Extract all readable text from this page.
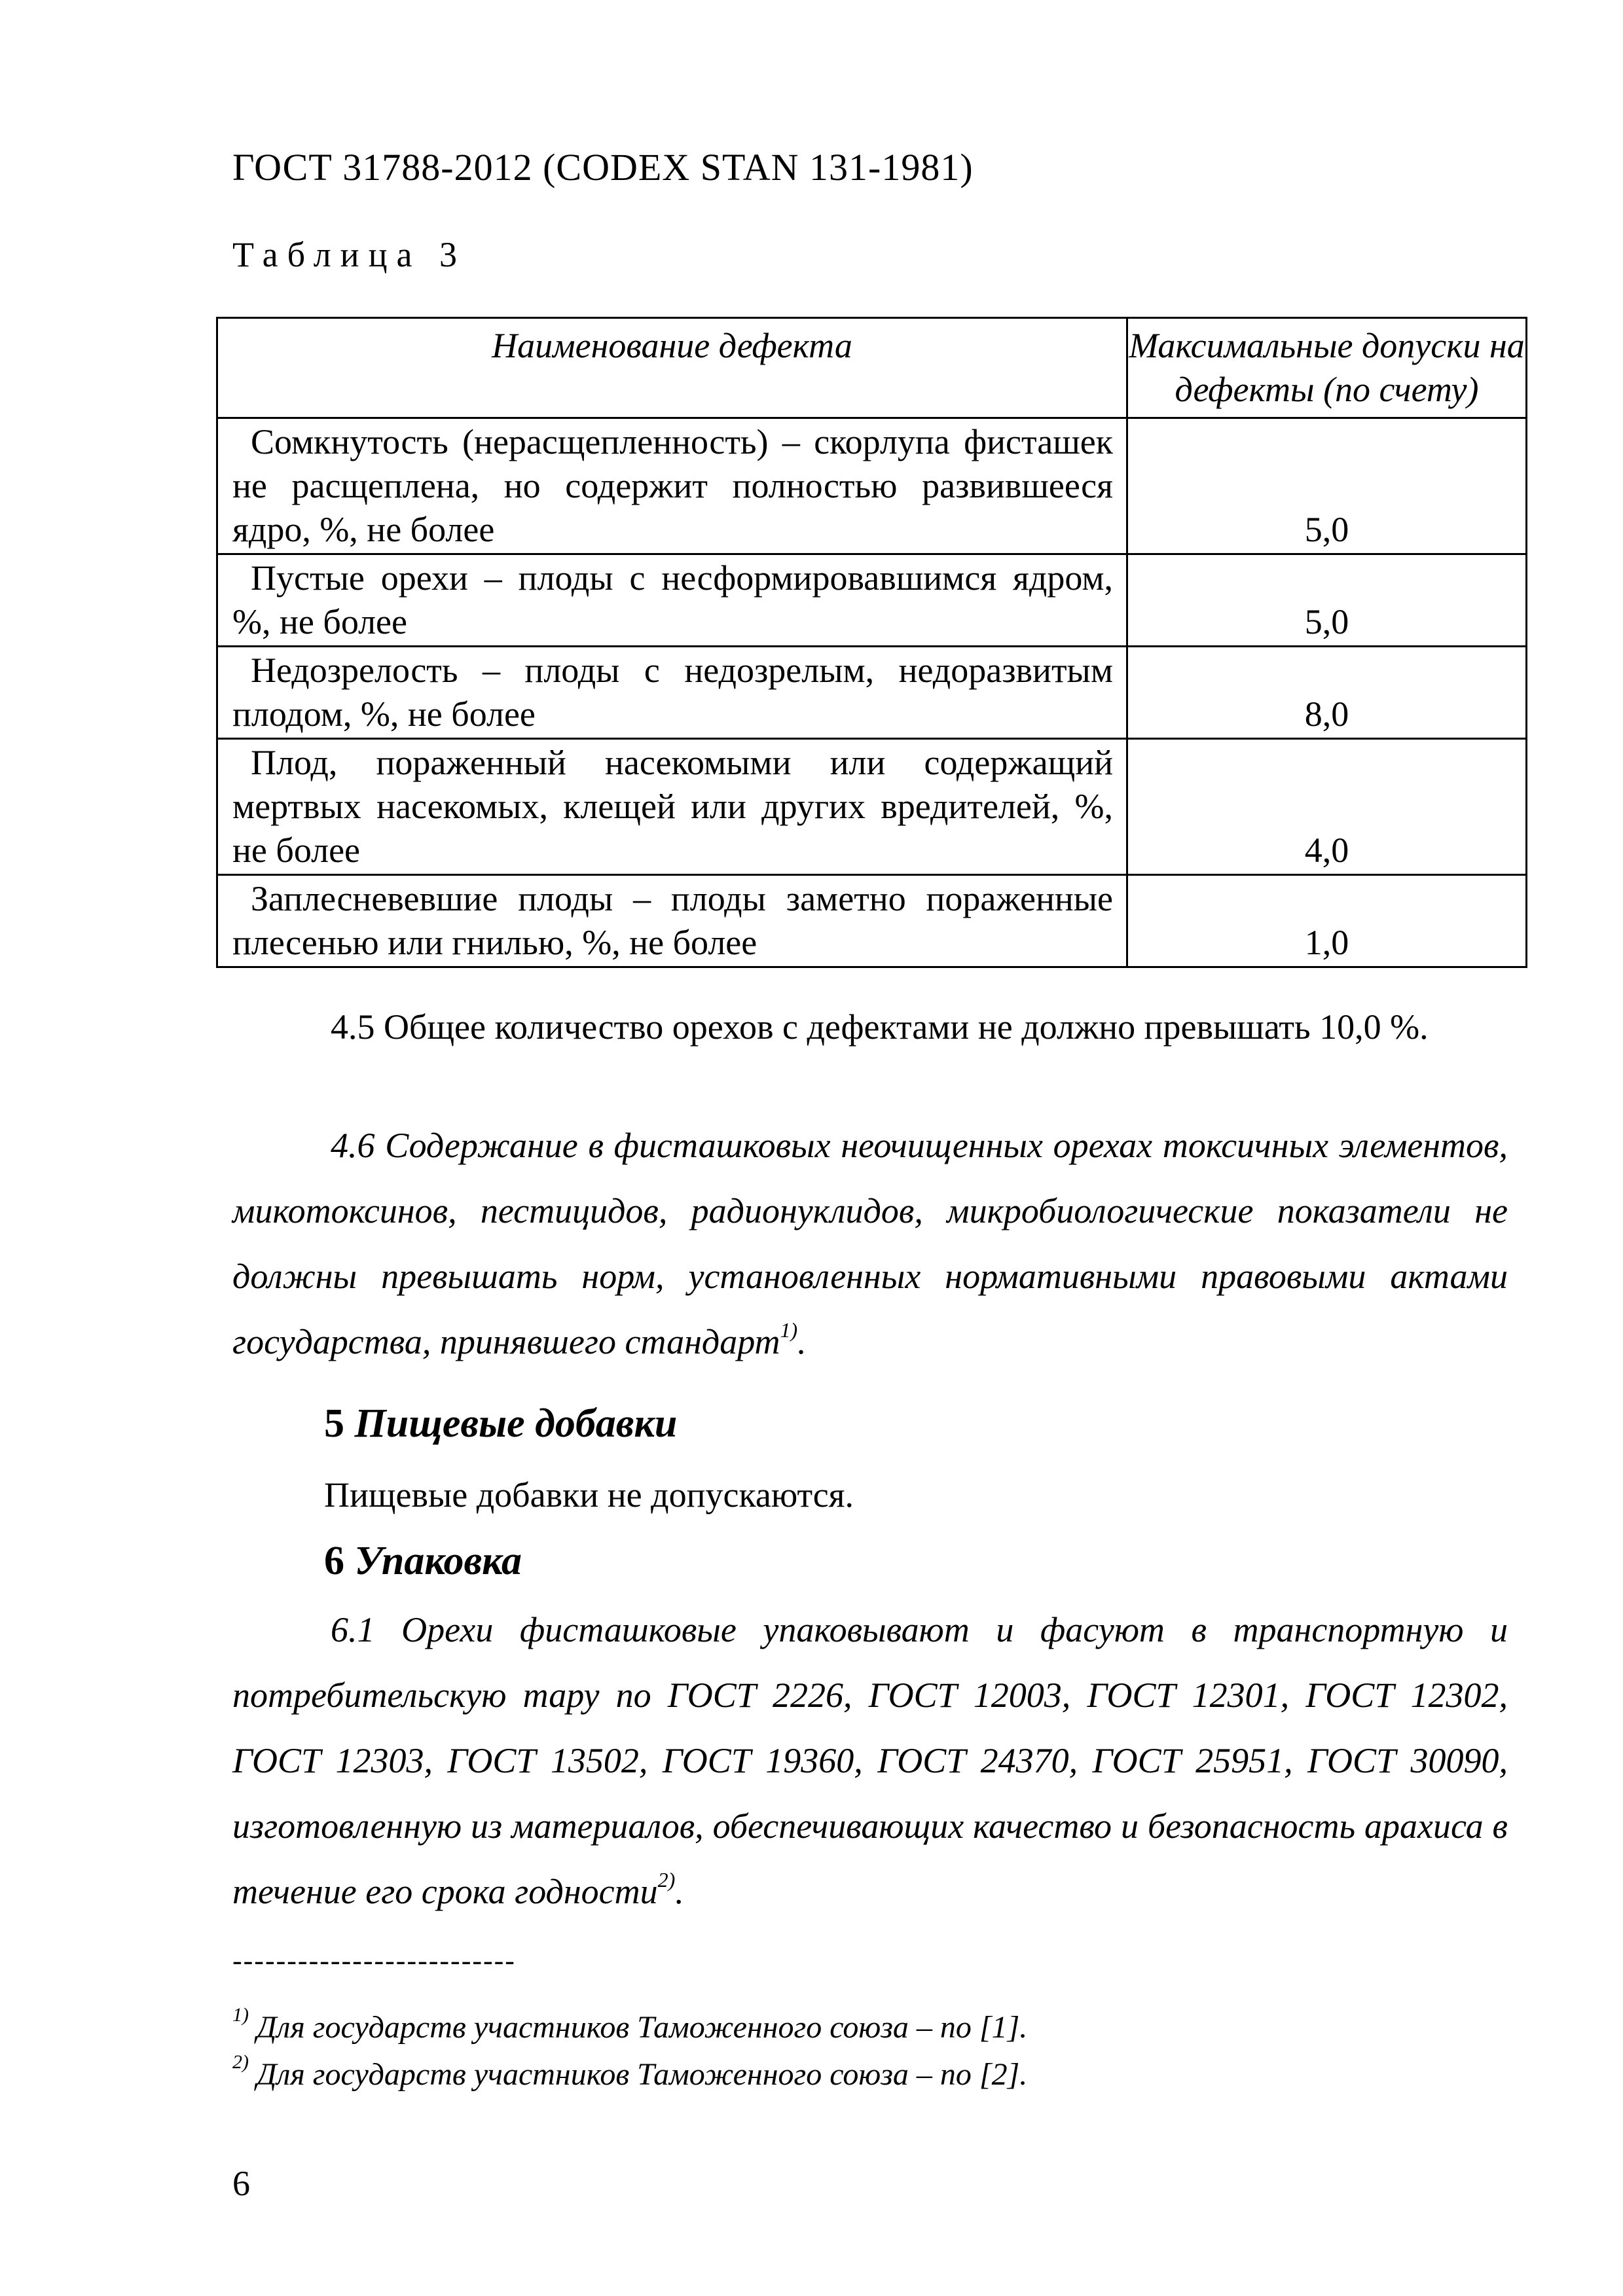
ГОСТ 31788-2012 (CODEX STAN 131-1981)
Таблица 3
Наименование дефекта	Максимальные допуски на дефекты (по счету)
Сомкнутость (нерасщепленность) – скорлупа фисташек не расщеплена, но содержит полностью развившееся ядро, %, не более	5,0
Пустые орехи – плоды с несформировавшимся ядром, %, не более	5,0
Недозрелость – плоды с недозрелым, недоразвитым плодом, %, не более	8,0
Плод, пораженный насекомыми или содержащий мертвых насекомых, клещей или других вредителей, %, не более	4,0
Заплесневевшие плоды – плоды заметно пораженные плесенью или гнилью, %, не более	1,0
4.5 Общее количество орехов с дефектами не должно превышать 10,0 %.
4.6 Содержание в фисташковых неочищенных орехах токсичных элементов, микотоксинов, пестицидов, радионуклидов, микробиологические показатели не должны превышать норм, установленных нормативными правовыми актами государства, принявшего стандарт$^{1)}$.
5 Пищевые добавки
Пищевые добавки не допускаются.
6 Упаковка
6.1 Орехи фисташковые упаковывают и фасуют в транспортную и потребительскую тару по ГОСТ 2226, ГОСТ 12003, ГОСТ 12301, ГОСТ 12302, ГОСТ 12303, ГОСТ 13502, ГОСТ 19360, ГОСТ 24370, ГОСТ 25951, ГОСТ 30090, изготовленную из материалов, обеспечивающих качество и безопасность арахиса в течение его срока годности$^{2)}$.
--------------------------
$^{1)}$ Для государств участников Таможенного союза – по [1].
$^{2)}$ Для государств участников Таможенного союза – по [2].
6
